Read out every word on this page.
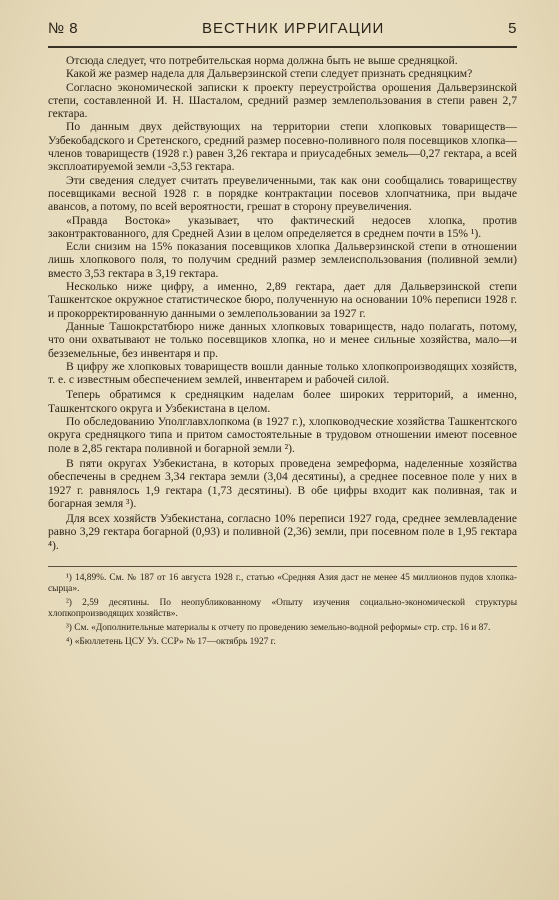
№ 8	ВЕСТНИК ИРРИГАЦИИ	5

Отсюда следует, что потребительская норма должна быть не выше средняцкой.

Какой же размер надела для Дальверзинской степи следует признать средняцким?

Согласно экономической записки к проекту переустройства орошения Дальверзинской степи, составленной И. Н. Шасталом, средний размер землепользования в степи равен 2,7 гектара.

По данным двух действующих на территории степи хлопковых товариществ—Узбекобадского и Сретенского, средний размер посевно-поливного поля посевщиков хлопка—членов товариществ (1928 г.) равен 3,26 гектара и приусадебных земель—0,27 гектара, а всей эксплоатируемой земли -3,53 гектара.

Эти сведения следует считать преувеличенными, так как они сообщались товариществу посевщиками весной 1928 г. в порядке контрактации посевов хлопчатника, при выдаче авансов, а потому, по всей вероятности, грешат в сторону преувеличения.

«Правда Востока» указывает, что фактический недосев хлопка, против законтрактованного, для Средней Азии в целом определяется в среднем почти в 15% ¹).

Если снизим на 15% показания посевщиков хлопка Дальверзинской степи в отношении лишь хлопкового поля, то получим средний размер землеиспользования (поливной земли) вместо 3,53 гектара в 3,19 гектара.

Несколько ниже цифру, а именно, 2,89 гектара, дает для Дальверзинской степи Ташкентское окружное статистическое бюро, полученную на основании 10% переписи 1928 г. и прокорректированную данными о землепользовании за 1927 г.

Данные Ташокрстатбюро ниже данных хлопковых товариществ, надо полагать, потому, что они охватывают не только посевщиков хлопка, но и менее сильные хозяйства, мало—и безземельные, без инвентаря и пр.

В цифру же хлопковых товариществ вошли данные только хлопкопроизводящих хозяйств, т. е. с известным обеспечением землей, инвентарем и рабочей силой.

Теперь обратимся к средняцким наделам более широких территорий, а именно, Ташкентского округа и Узбекистана в целом.

По обследованию Уполглавхлопкома (в 1927 г.), хлопководческие хозяйства Ташкентского округа средняцкого типа и притом самостоятельные в трудовом отношении имеют посевное поле в 2,85 гектара поливной и богарной земли ²).

В пяти округах Узбекистана, в которых проведена земреформа, наделенные хозяйства обеспечены в среднем 3,34 гектара земли (3,04 десятины), а среднее посевное поле у них в 1927 г. равнялось 1,9 гектара (1,73 десятины). В обе цифры входит как поливная, так и богарная земля ³).

Для всех хозяйств Узбекистана, согласно 10% переписи 1927 года, среднее землевладение равно 3,29 гектара богарной (0,93) и поливной (2,36) земли, при посевном поле в 1,95 гектара ⁴).

¹) 14,89%. См. № 187 от 16 августа 1928 г., статью «Средняя Азия даст не менее 45 миллионов пудов хлопка-сырца».

²) 2,59 десятины. По неопубликованному «Опыту изучения социально-экономической структуры хлопкопроизводящих хозяйств».

³) См. «Дополнительные материалы к отчету по проведению земельно-водной реформы» стр. стр. 16 и 87.

⁴) «Бюллетень ЦСУ Уз. ССР» № 17—октябрь 1927 г.
